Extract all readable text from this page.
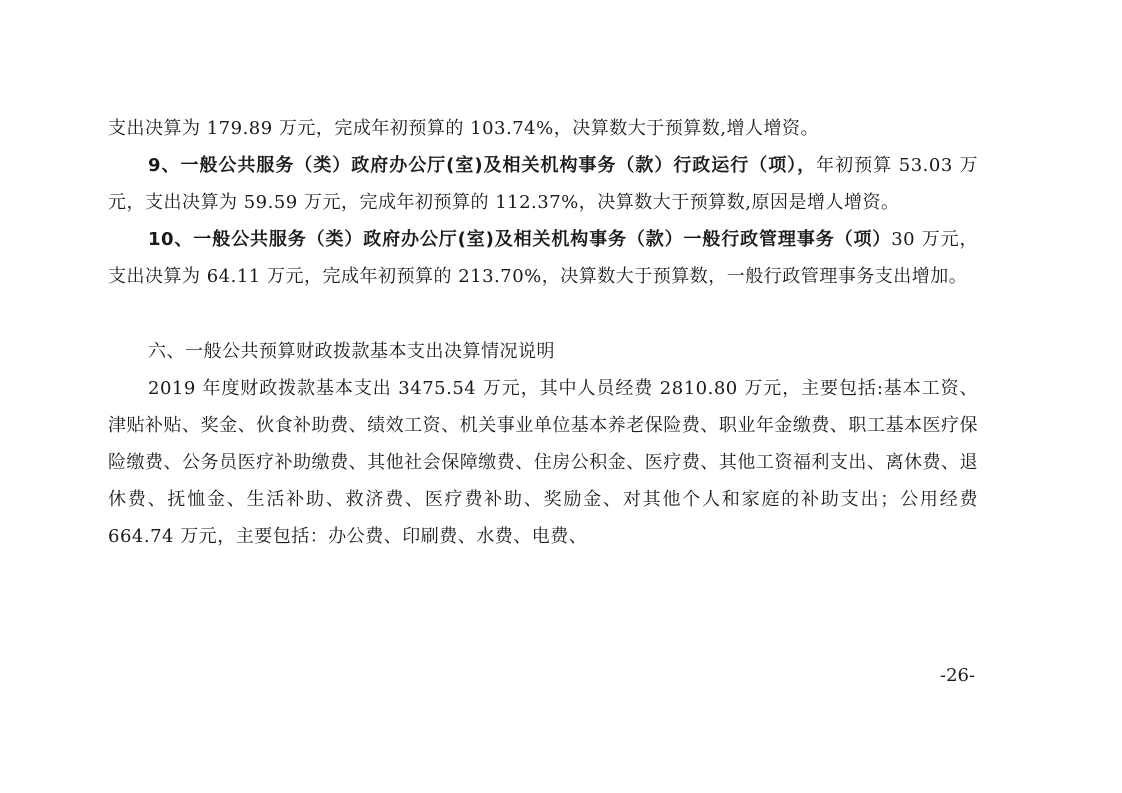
支出决算为 179.89 万元，完成年初预算的 103.74%，决算数大于预算数,增人增资。

9、一般公共服务（类）政府办公厅(室)及相关机构事务（款）行政运行（项），年初预算 53.03 万元，支出决算为 59.59 万元，完成年初预算的 112.37%，决算数大于预算数,原因是增人增资。

10、一般公共服务（类）政府办公厅(室)及相关机构事务（款）一般行政管理事务（项）30 万元，支出决算为 64.11 万元，完成年初预算的 213.70%，决算数大于预算数，一般行政管理事务支出增加。

六、一般公共预算财政拨款基本支出决算情况说明

2019 年度财政拨款基本支出 3475.54 万元，其中人员经费 2810.80 万元，主要包括:基本工资、津贴补贴、奖金、伙食补助费、绩效工资、机关事业单位基本养老保险费、职业年金缴费、职工基本医疗保险缴费、公务员医疗补助缴费、其他社会保障缴费、住房公积金、医疗费、其他工资福利支出、离休费、退休费、抚恤金、生活补助、救济费、医疗费补助、奖励金、对其他个人和家庭的补助支出；公用经费 664.74 万元，主要包括：办公费、印刷费、水费、电费、

-26-
